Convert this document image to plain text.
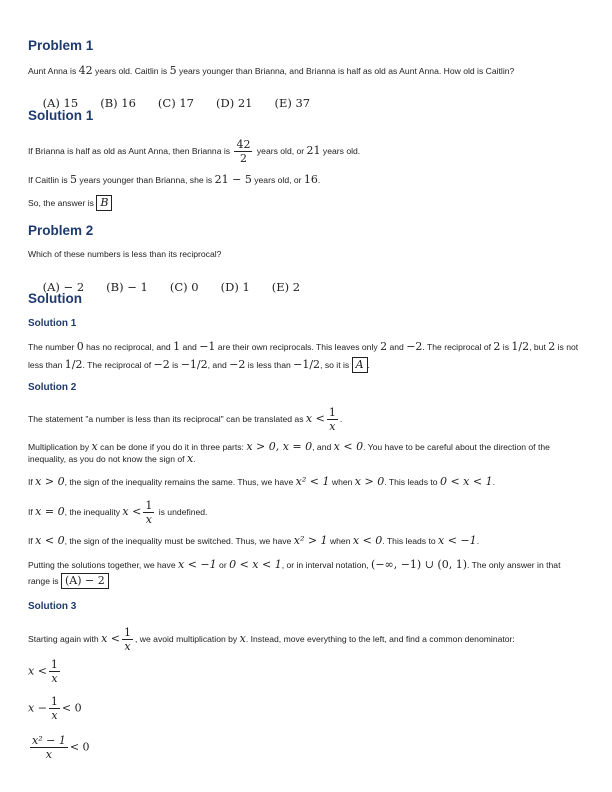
Problem 1

Aunt Anna is 42 years old. Caitlin is 5 years younger than Brianna, and Brianna is half as old as Aunt Anna. How old is Caitlin?

(A) 15 (B) 16 (C) 17 (D) 21 (E) 37

Solution 1

If Brianna is half as old as Aunt Anna, then Brianna is $\frac{42}{2}$ years old, or 21 years old.

If Caitlin is 5 years younger than Brianna, she is 21 − 5 years old, or 16.

So, the answer is B

Problem 2

Which of these numbers is less than its reciprocal?

(A) − 2 (B) − 1 (C) 0 (D) 1 (E) 2

Solution
Solution 1

The number 0 has no reciprocal, and 1 and −1 are their own reciprocals. This leaves only 2 and −2. The reciprocal of 2 is 1/2, but 2 is not less than 1/2. The reciprocal of −2 is −1/2, and −2 is less than −1/2, so it is A .

Solution 2

The statement "a number is less than its reciprocal" can be translated as $x < \frac{1}{x}$ .

Multiplication by x can be done if you do it in three parts: x > 0, x = 0, and x < 0. You have to be careful about the direction of the inequality, as you do not know the sign of x.

If x > 0, the sign of the inequality remains the same. Thus, we have x² < 1 when x > 0. This leads to 0 < x < 1.

If x = 0, the inequality $x < \frac{1}{x}$ is undefined.

If x < 0, the sign of the inequality must be switched. Thus, we have x² > 1 when x < 0. This leads to x < −1.

Putting the solutions together, we have x < −1 or 0 < x < 1, or in interval notation, (−∞, −1) ∪ (0, 1). The only answer in that range is (A) − 2

Solution 3

Starting again with $x < \frac{1}{x}$ , we avoid multiplication by x. Instead, move everything to the left, and find a common denominator:

$x < \frac{1}{x}$
$x - \frac{1}{x} < 0$
$\frac{\text{x² − 1}}{x} < 0$
